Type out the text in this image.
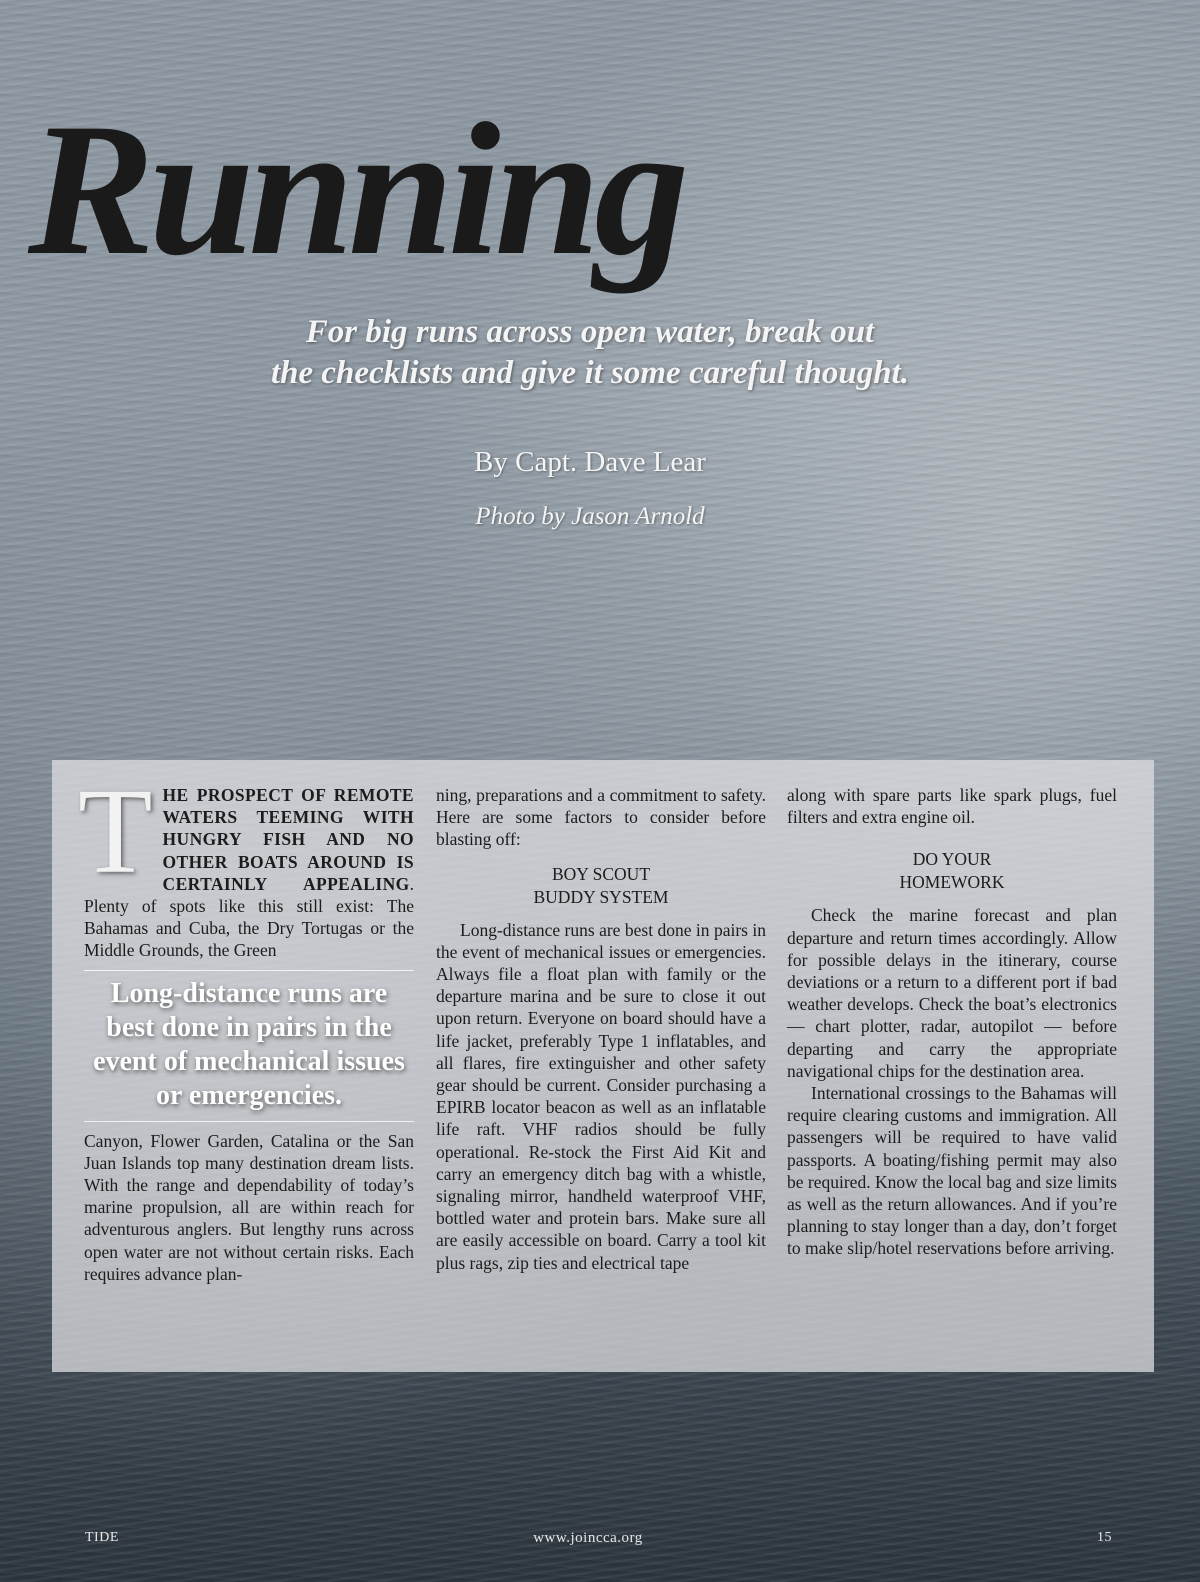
Running
For big runs across open water, break out
the checklists and give it some careful thought.
By Capt. Dave Lear
Photo by Jason Arnold

THE PROSPECT OF REMOTE WATERS TEEMING WITH HUNGRY FISH AND NO OTHER BOATS AROUND IS CERTAINLY APPEALING. Plenty of spots like this still exist: The Bahamas and Cuba, the Dry Tortugas or the Middle Grounds, the Green

Long-distance runs are best done in pairs in the event of mechanical issues or emergencies.

Canyon, Flower Garden, Catalina or the San Juan Islands top many destination dream lists. With the range and dependability of today’s marine propulsion, all are within reach for adventurous anglers. But lengthy runs across open water are not without certain risks. Each requires advance plan-

ning, preparations and a commitment to safety. Here are some factors to consider before blasting off:

BOY SCOUT
BUDDY SYSTEM

Long-distance runs are best done in pairs in the event of mechanical issues or emergencies. Always file a float plan with family or the departure marina and be sure to close it out upon return. Everyone on board should have a life jacket, preferably Type 1 inflatables, and all flares, fire extinguisher and other safety gear should be current. Consider purchasing a EPIRB locator beacon as well as an inflatable life raft. VHF radios should be fully operational. Re-stock the First Aid Kit and carry an emergency ditch bag with a whistle, signaling mirror, handheld waterproof VHF, bottled water and protein bars. Make sure all are easily accessible on board. Carry a tool kit plus rags, zip ties and electrical tape

along with spare parts like spark plugs, fuel filters and extra engine oil.

DO YOUR
HOMEWORK

Check the marine forecast and plan departure and return times accordingly. Allow for possible delays in the itinerary, course deviations or a return to a different port if bad weather develops. Check the boat’s electronics — chart plotter, radar, autopilot — before departing and carry the appropriate navigational chips for the destination area.

International crossings to the Bahamas will require clearing customs and immigration. All passengers will be required to have valid passports. A boating/fishing permit may also be required. Know the local bag and size limits as well as the return allowances. And if you’re planning to stay longer than a day, don’t forget to make slip/hotel reservations before arriving.

TIDE	www.joincca.org	15
